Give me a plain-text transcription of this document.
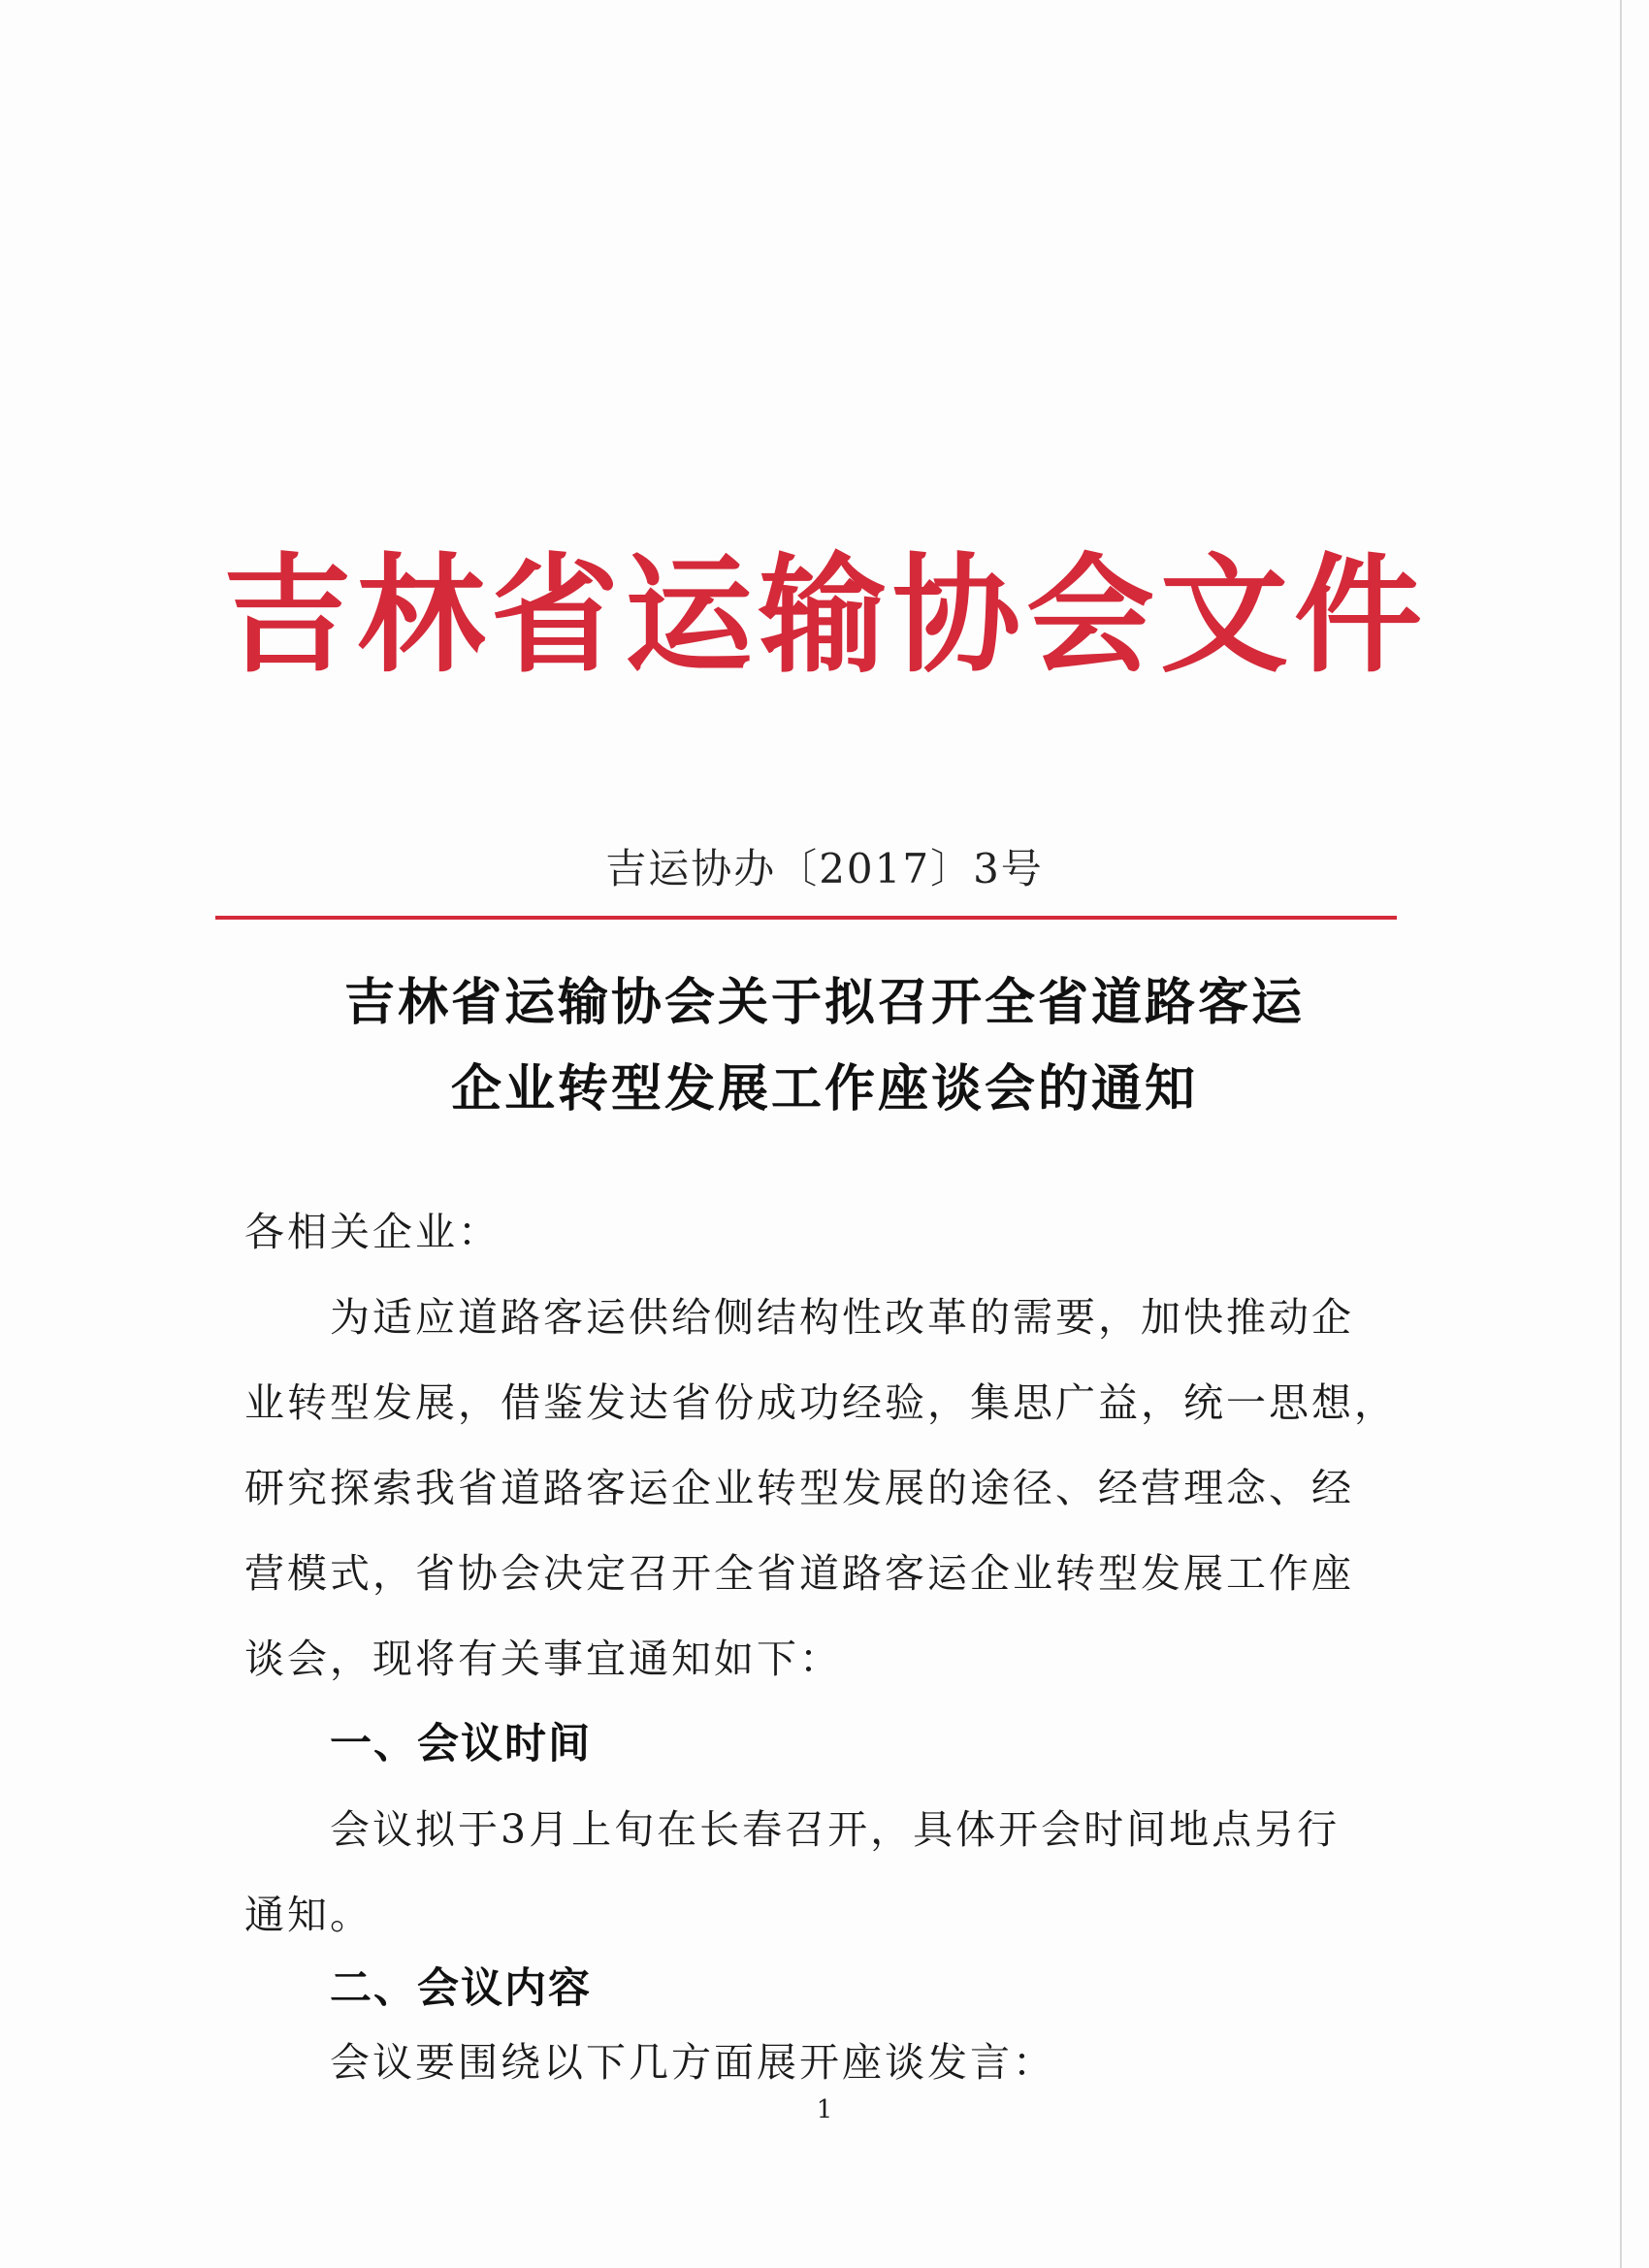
吉林省运输协会文件
吉运协办〔2017〕3号
吉林省运输协会关于拟召开全省道路客运
企业转型发展工作座谈会的通知
各相关企业：
为适应道路客运供给侧结构性改革的需要，加快推动企
业转型发展，借鉴发达省份成功经验，集思广益，统一思想，
研究探索我省道路客运企业转型发展的途径、经营理念、经
营模式，省协会决定召开全省道路客运企业转型发展工作座
谈会，现将有关事宜通知如下：
一、会议时间
会议拟于3月上旬在长春召开，具体开会时间地点另行
通知。
二、会议内容
会议要围绕以下几方面展开座谈发言：
1
